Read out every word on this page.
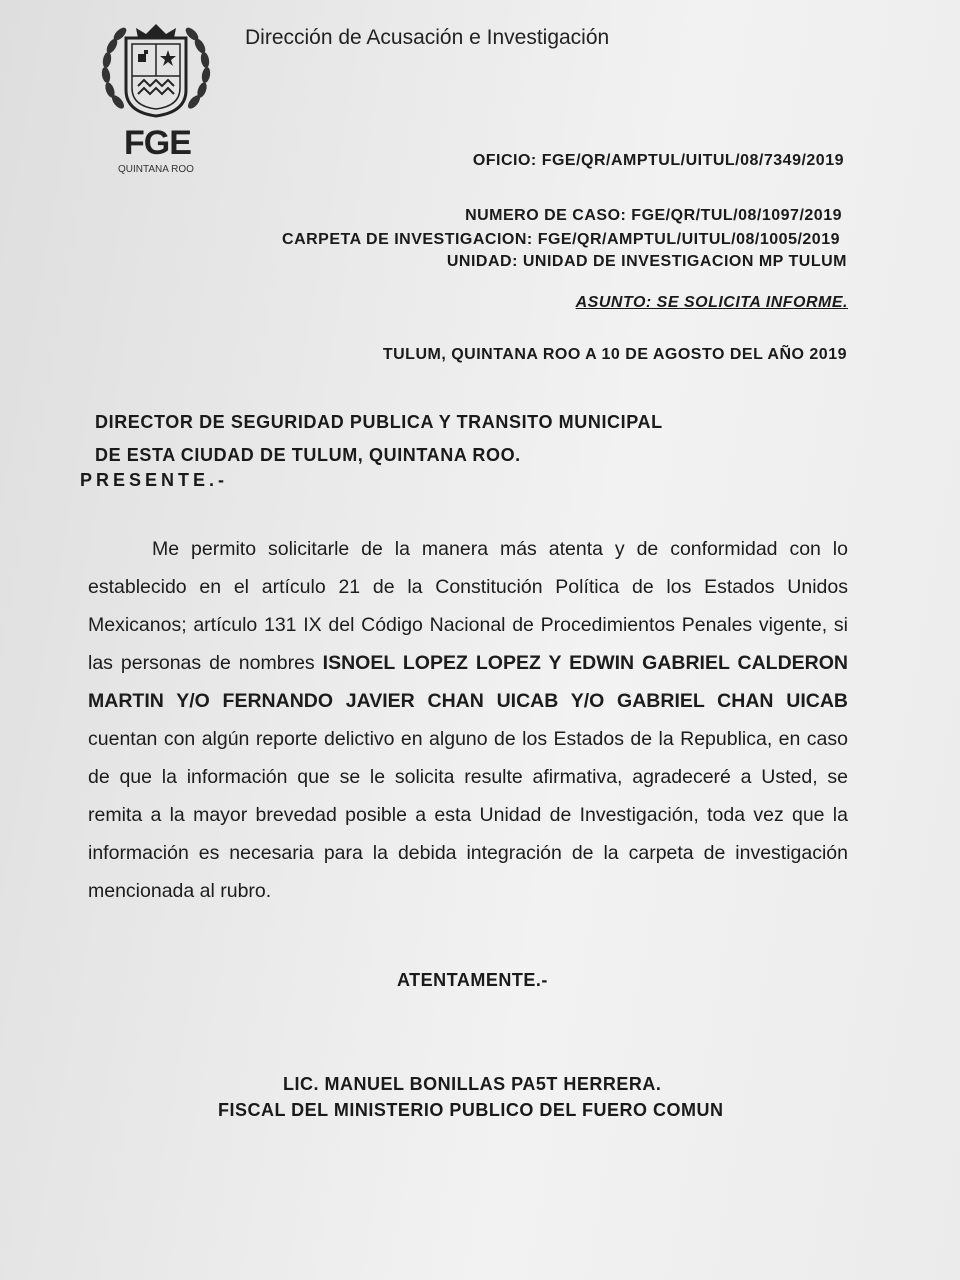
FGE
QUINTANA ROO
Dirección de Acusación e Investigación
OFICIO: FGE/QR/AMPTUL/UITUL/08/7349/2019
NUMERO DE CASO: FGE/QR/TUL/08/1097/2019
CARPETA DE INVESTIGACION: FGE/QR/AMPTUL/UITUL/08/1005/2019
UNIDAD: UNIDAD DE INVESTIGACION MP TULUM
ASUNTO: SE SOLICITA INFORME.
TULUM, QUINTANA ROO A 10 DE AGOSTO DEL AÑO 2019
DIRECTOR DE SEGURIDAD PUBLICA Y TRANSITO MUNICIPAL
DE ESTA CIUDAD DE TULUM, QUINTANA ROO.
PRESENTE.-

Me permito solicitarle de la manera más atenta y de conformidad con lo establecido en el artículo 21 de la Constitución Política de los Estados Unidos Mexicanos; artículo 131 IX del Código Nacional de Procedimientos Penales vigente, si las personas de nombres ISNOEL LOPEZ LOPEZ Y EDWIN GABRIEL CALDERON MARTIN Y/O FERNANDO JAVIER CHAN UICAB Y/O GABRIEL CHAN UICAB cuentan con algún reporte delictivo en alguno de los Estados de la Republica, en caso de que la información que se le solicita resulte afirmativa, agradeceré a Usted, se remita a la mayor brevedad posible a esta Unidad de Investigación, toda vez que la información es necesaria para la debida integración de la carpeta de investigación mencionada al rubro.

ATENTAMENTE.-
LIC. MANUEL BONILLAS PA5T HERRERA.
FISCAL DEL MINISTERIO PUBLICO DEL FUERO COMUN
